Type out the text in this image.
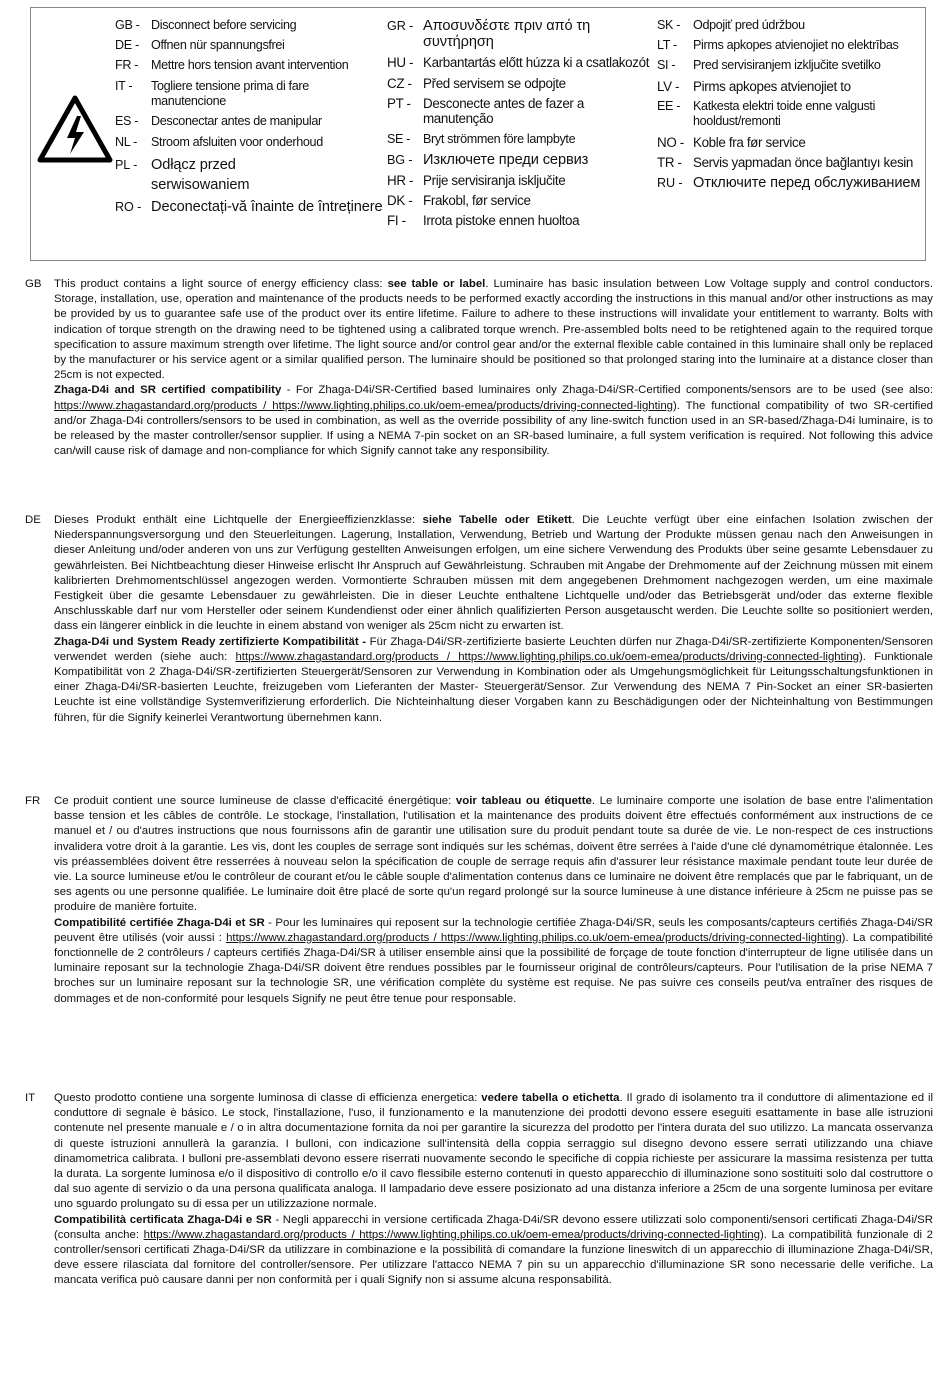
GB - Disconnect before servicing
DE - Offnen nür spannungsfrei
FR -	Mettre hors tension avant intervention
IT -	Togliere tensione prima di fare manutencione
ES -	Desconectar antes de manipular
NL -	Stroom afsluiten voor onderhoud
PL - Odłącz przed serwisowaniem
RO - Deconectați-vă înainte de întreținere
GR - Αποσυνδέστε πριν από τη συντήρηση
HU - Karbantartás előtt húzza ki a csatlakozót
CZ - Před servisem se odpojte
PT - Desconecte antes de fazer a manutenção
SE -	Bryt strömmen före lampbyte
BG - Изключете преди сервиз
HR - Prije servisiranja isključite
DK - Frakobl, før service
FI -	Irrota pistoke ennen huoltoa
SK -	Odpojiť pred údržbou
LT -	Pirms apkopes atvienojiet no elektrības
SI -	Pred servisiranjem izključite svetilko
LV -	Pirms apkopes atvienojiet to
EE -	Katkesta elektri toide enne valgusti hooldust/remonti
NO - Koble fra før service
TR - Servis yapmadan önce bağlantıyı kesin
RU - Отключите перед обслуживанием
GB	This product contains a light source of energy efficiency class: see table or label. Luminaire has basic insulation between Low Voltage supply and control conductors. Storage, installation, use, operation and maintenance of the products needs to be performed exactly according the instructions in this manual and/or other instructions as may be provided by us to guarantee safe use of the product over its entire lifetime. Failure to adhere to these instructions will invalidate your entitlement to warranty. Bolts with indication of torque strength on the drawing need to be tightened using a calibrated torque wrench. Pre-assembled bolts need to be retightened again to the required torque specification to assure maximum strength over lifetime. The light source and/or control gear and/or the external flexible cable contained in this luminaire shall only be replaced by the manufacturer or his service agent or a similar qualified person. The luminaire should be positioned so that prolonged staring into the luminaire at a distance closer than 25cm is not expected.

Zhaga-D4i and SR certified compatibility - For Zhaga-D4i/SR-Certified based luminaires only Zhaga-D4i/SR-Certified components/sensors are to be used (see also: https://www.zhagastandard.org/products / https://www.lighting.philips.co.uk/oem-emea/products/driving-connected-lighting). The functional compatibility of two SR-certified and/or Zhaga-D4i controllers/sensors to be used in combination, as well as the override possibility of any line-switch function used in an SR-based/Zhaga-D4i luminaire, is to be released by the master controller/sensor supplier. If using a NEMA 7-pin socket on an SR-based luminaire, a full system verification is required. Not following this advice can/will cause risk of damage and non-compliance for which Signify cannot take any responsibility.

DE	Dieses Produkt enthält eine Lichtquelle der Energieeffizienzklasse: siehe Tabelle oder Etikett. Die Leuchte verfügt über eine einfachen Isolation zwischen der Niederspannungsversorgung und den Steuerleitungen. Lagerung, Installation, Verwendung, Betrieb und Wartung der Produkte müssen genau nach den Anweisungen in dieser Anleitung und/oder anderen von uns zur Verfügung gestellten Anweisungen erfolgen, um eine sichere Verwendung des Produkts über seine gesamte Lebensdauer zu gewährleisten. Bei Nichtbeachtung dieser Hinweise erlischt Ihr Anspruch auf Gewährleistung. Schrauben mit Angabe der Drehmomente auf der Zeichnung müssen mit einem kalibrierten Drehmomentschlüssel angezogen werden. Vormontierte Schrauben müssen mit dem angegebenen Drehmoment nachgezogen werden, um eine maximale Festigkeit über die gesamte Lebensdauer zu gewährleisten. Die in dieser Leuchte enthaltene Lichtquelle und/oder das Betriebsgerät und/oder das externe flexible Anschlusskable darf nur vom Hersteller oder seinem Kundendienst oder einer ähnlich qualifizierten Person ausgetauscht werden. Die Leuchte sollte so positioniert werden, dass ein längerer einblick in die leuchte in einem abstand von weniger als 25cm nicht zu erwarten ist.

Zhaga-D4i und System Ready zertifizierte Kompatibilität - Für Zhaga-D4i/SR-zertifizierte basierte Leuchten dürfen nur Zhaga-D4i/SR-zertifizierte Komponenten/Sensoren verwendet werden (siehe auch: https://www.zhagastandard.org/products / https://www.lighting.philips.co.uk/oem-emea/products/driving-connected-lighting). Funktionale Kompatibilität von 2 Zhaga-D4i/SR-zertifizierten Steuergerät/Sensoren zur Verwendung in Kombination oder als Umgehungsmöglichkeit für Leitungsschaltungsfunktionen in einer Zhaga-D4i/SR-basierten Leuchte, freizugeben vom Lieferanten der Master- Steuergerät/Sensor. Zur Verwendung des NEMA 7 Pin-Socket an einer SR-basierten Leuchte ist eine vollständige Systemverifizierung erforderlich. Die Nichteinhaltung dieser Vorgaben kann zu Beschädigungen oder der Nichteinhaltung von Bestimmungen führen, für die Signify keinerlei Verantwortung übernehmen kann.

FR	Ce produit contient une source lumineuse de classe d'efficacité énergétique: voir tableau ou étiquette. Le luminaire comporte une isolation de base entre l'alimentation basse tension et les câbles de contrôle. Le stockage, l'installation, l'utilisation et la maintenance des produits doivent être effectués conformément aux instructions de ce manuel et / ou d'autres instructions que nous fournissons afin de garantir une utilisation sure du produit pendant toute sa durée de vie. Le non-respect de ces instructions invalidera votre droit à la garantie. Les vis, dont les couples de serrage sont indiqués sur les schémas, doivent être serrées à l'aide d'une clé dynamométrique étalonnée. Les vis préassemblées doivent être resserrées à nouveau selon la spécification de couple de serrage requis afin d'assurer leur résistance maximale pendant toute leur durée de vie. La source lumineuse et/ou le contrôleur de courant et/ou le câble souple d'alimentation contenus dans ce luminaire ne doivent être remplacés que par le fabriquant, un de ses agents ou une personne qualifiée. Le luminaire doit être placé de sorte qu'un regard prolongé sur la source lumineuse à une distance inférieure à 25cm ne puisse pas se produire de manière fortuite.

Compatibilité certifiée Zhaga-D4i et SR - Pour les luminaires qui reposent sur la technologie certifiée Zhaga-D4i/SR, seuls les composants/capteurs certifiés Zhaga-D4i/SR peuvent être utilisés (voir aussi : https://www.zhagastandard.org/products / https://www.lighting.philips.co.uk/oem-emea/products/driving-connected-lighting). La compatibilité fonctionnelle de 2 contrôleurs / capteurs certifiés Zhaga-D4i/SR à utiliser ensemble ainsi que la possibilité de forçage de toute fonction d'interrupteur de ligne utilisée dans un luminaire reposant sur la technologie Zhaga-D4i/SR doivent être rendues possibles par le fournisseur original de contrôleurs/capteurs. Pour l'utilisation de la prise NEMA 7 broches sur un luminaire reposant sur la technologie SR, une vérification complète du système est requise. Ne pas suivre ces conseils peut/va entraîner des risques de dommages et de non-conformité pour lesquels Signify ne peut être tenue pour responsable.

IT	Questo prodotto contiene una sorgente luminosa di classe di efficienza energetica: vedere tabella o etichetta. Il grado di isolamento tra il conduttore di alimentazione ed il conduttore di segnale è básico. Le stock, l'installazione, l'uso, il funzionamento e la manutenzione dei prodotti devono essere eseguiti esattamente in base alle istruzioni contenute nel presente manuale e / o in altra documentazione fornita da noi per garantire la sicurezza del prodotto per l'intera durata del suo utilizzo. La mancata osservanza di queste istruzioni annullerà la garanzia. I bulloni, con indicazione sull'intensità della coppia serraggio sul disegno devono essere serrati utilizzando una chiave dinamometrica calibrata. I bulloni pre-assemblati devono essere riserrati nuovamente secondo le specifiche di coppia richieste per assicurare la massima resistenza per tutta la durata. La sorgente luminosa e/o il dispositivo di controllo e/o il cavo flessibile esterno contenuti in questo apparecchio di illuminazione sono sostituiti solo dal costruttore o dal suo agente di servizio o da una persona qualificata analoga. Il lampadario deve essere posizionato ad una distanza inferiore a 25cm de una sorgente luminosa per evitare uno sguardo prolungato su di essa per un utilizzazione normale.

Compatibilità certificata Zhaga-D4i e SR - Negli apparecchi in versione certificada Zhaga-D4i/SR devono essere utilizzati solo componenti/sensori certificati Zhaga-D4i/SR (consulta anche: https://www.zhagastandard.org/products / https://www.lighting.philips.co.uk/oem-emea/products/driving-connected-lighting). La compatibilità funzionale di 2 controller/sensori certificati Zhaga-D4i/SR da utilizzare in combinazione e la possibilità di comandare la funzione lineswitch di un apparecchio di illuminazione Zhaga-D4i/SR, deve essere rilasciata dal fornitore del controller/sensore. Per utilizzare l'attacco NEMA 7 pin su un apparecchio d'illuminazione SR sono necessarie delle verifiche. La mancata verifica può causare danni per non conformità per i quali Signify non si assume alcuna responsabilità.
